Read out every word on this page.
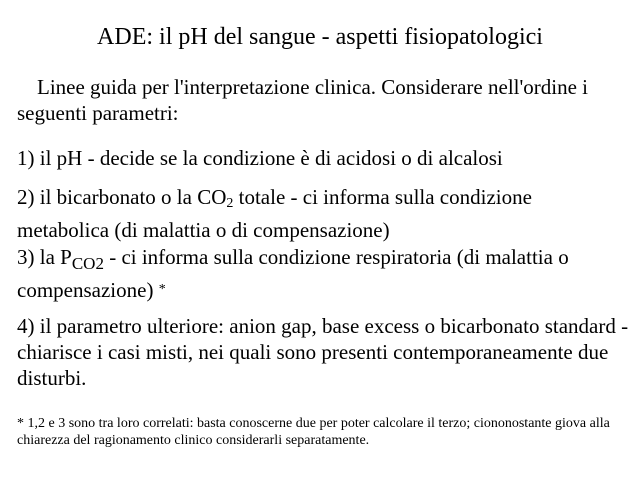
ADE: il pH del sangue - aspetti fisiopatologici
Linee guida per l'interpretazione clinica. Considerare nell'ordine i seguenti parametri:
1) il pH - decide se la condizione è di acidosi o di alcalosi
2) il bicarbonato o la $CO_2$ totale - ci informa sulla condizione metabolica (di malattia o di compensazione)
3) la $P_{CO2}$ - ci informa sulla condizione respiratoria (di malattia o compensazione) *
4) il parametro ulteriore: anion gap, base excess o bicarbonato standard - chiarisce i casi misti, nei quali sono presenti contemporaneamente due disturbi.
* 1,2 e 3 sono tra loro correlati: basta conoscerne due per poter calcolare il terzo; ciononostante giova alla chiarezza del ragionamento clinico considerarli separatamente.
